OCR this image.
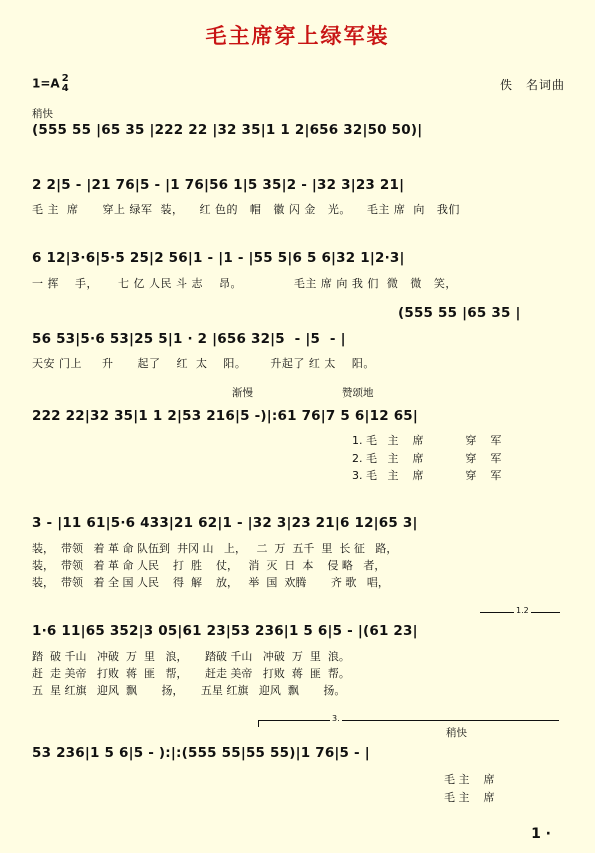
毛主席穿上绿军装
1=A 2
4	佚　名词曲
稍快
(555 55 |65 35 |222 22 |32 35|1 1 2|656 32|50 50)|
2 2|5 - |21 76|5 - |1 76|56 1|5 35|2 - |32 3|23 21|
毛 主  席      穿上 绿军  装，    红 色的   帽   徽 闪 金   光。    毛主 席  向   我们
6 12|3·6|5·5 25|2 56|1 - |1 - |55 5|6 5 6|32 1|2·3|
一 挥    手，     七 亿 人民 斗 志    昂。             毛主 席 向 我 们  微   微   笑，
(555 55 |65 35 |
56 53|5·6 53|25 5|1 · 2 |656 32|5  - |5  - |
天安 门上     升      起了    红  太    阳。      升起了 红 太    阳。
渐慢	赞颂地
222 22|32 35|1 1 2|53 216|5 -)|:61 76|7 5 6|12 65|
1. 毛   主    席            穿    军
2. 毛   主    席            穿    军
3. 毛   主    席            穿    军
3 - |11 61|5·6 433|21 62|1 - |32 3|23 21|6 12|65 3|
装，  带领   着 革 命 队伍到  井冈 山   上，   二  万  五千  里  长 征   路，
装，  带领   着 革 命 人民    打  胜    仗，   消  灭  日  本    侵 略   者，
装，  带领   着 全 国 人民    得  解    放，   举  国  欢腾       齐 歌   唱，
1.2
1·6 11|65 352|3 05|61 23|53 236|1 5 6|5 - |(61 23|
踏  破 千山   冲破  万  里   浪，     踏破 千山   冲破  万  里  浪。
赶  走 美帝   打败  蒋  匪   帮，     赶走 美帝   打败  蒋  匪  帮。
五  星 红旗   迎风  飘       扬，     五星 红旗   迎风  飘       扬。
3.
稍快
53 236|1 5 6|5 - ):|:(555 55|55 55)|1 76|5 - |
毛 主    席
毛 主    席
1 ·
